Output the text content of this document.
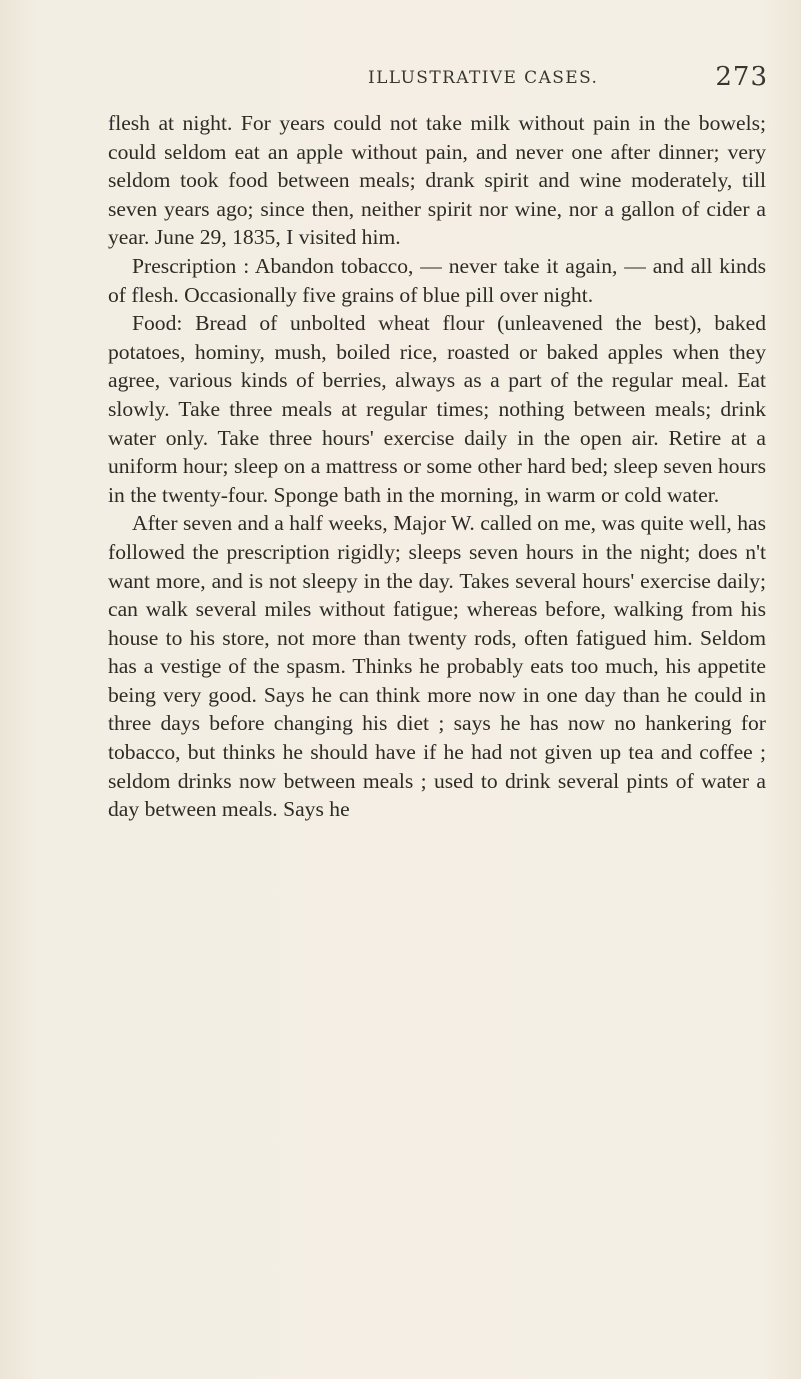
ILLUSTRATIVE CASES.	273

flesh at night. For years could not take milk without pain in the bowels; could seldom eat an apple without pain, and never one after dinner; very seldom took food between meals; drank spirit and wine moderately, till seven years ago; since then, neither spirit nor wine, nor a gallon of cider a year. June 29, 1835, I visited him.

Prescription : Abandon tobacco, — never take it again, — and all kinds of flesh. Occasionally five grains of blue pill over night.

Food: Bread of unbolted wheat flour (unleavened the best), baked potatoes, hominy, mush, boiled rice, roasted or baked apples when they agree, various kinds of berries, always as a part of the regular meal. Eat slowly. Take three meals at regular times; nothing between meals; drink water only. Take three hours' exercise daily in the open air. Retire at a uniform hour; sleep on a mattress or some other hard bed; sleep seven hours in the twenty-four. Sponge bath in the morning, in warm or cold water.

After seven and a half weeks, Major W. called on me, was quite well, has followed the prescription rigidly; sleeps seven hours in the night; does n't want more, and is not sleepy in the day. Takes several hours' exercise daily; can walk several miles without fatigue; whereas before, walking from his house to his store, not more than twenty rods, often fatigued him. Seldom has a vestige of the spasm. Thinks he probably eats too much, his appetite being very good. Says he can think more now in one day than he could in three days before changing his diet ; says he has now no hankering for tobacco, but thinks he should have if he had not given up tea and coffee ; seldom drinks now between meals ; used to drink several pints of water a day between meals. Says he
